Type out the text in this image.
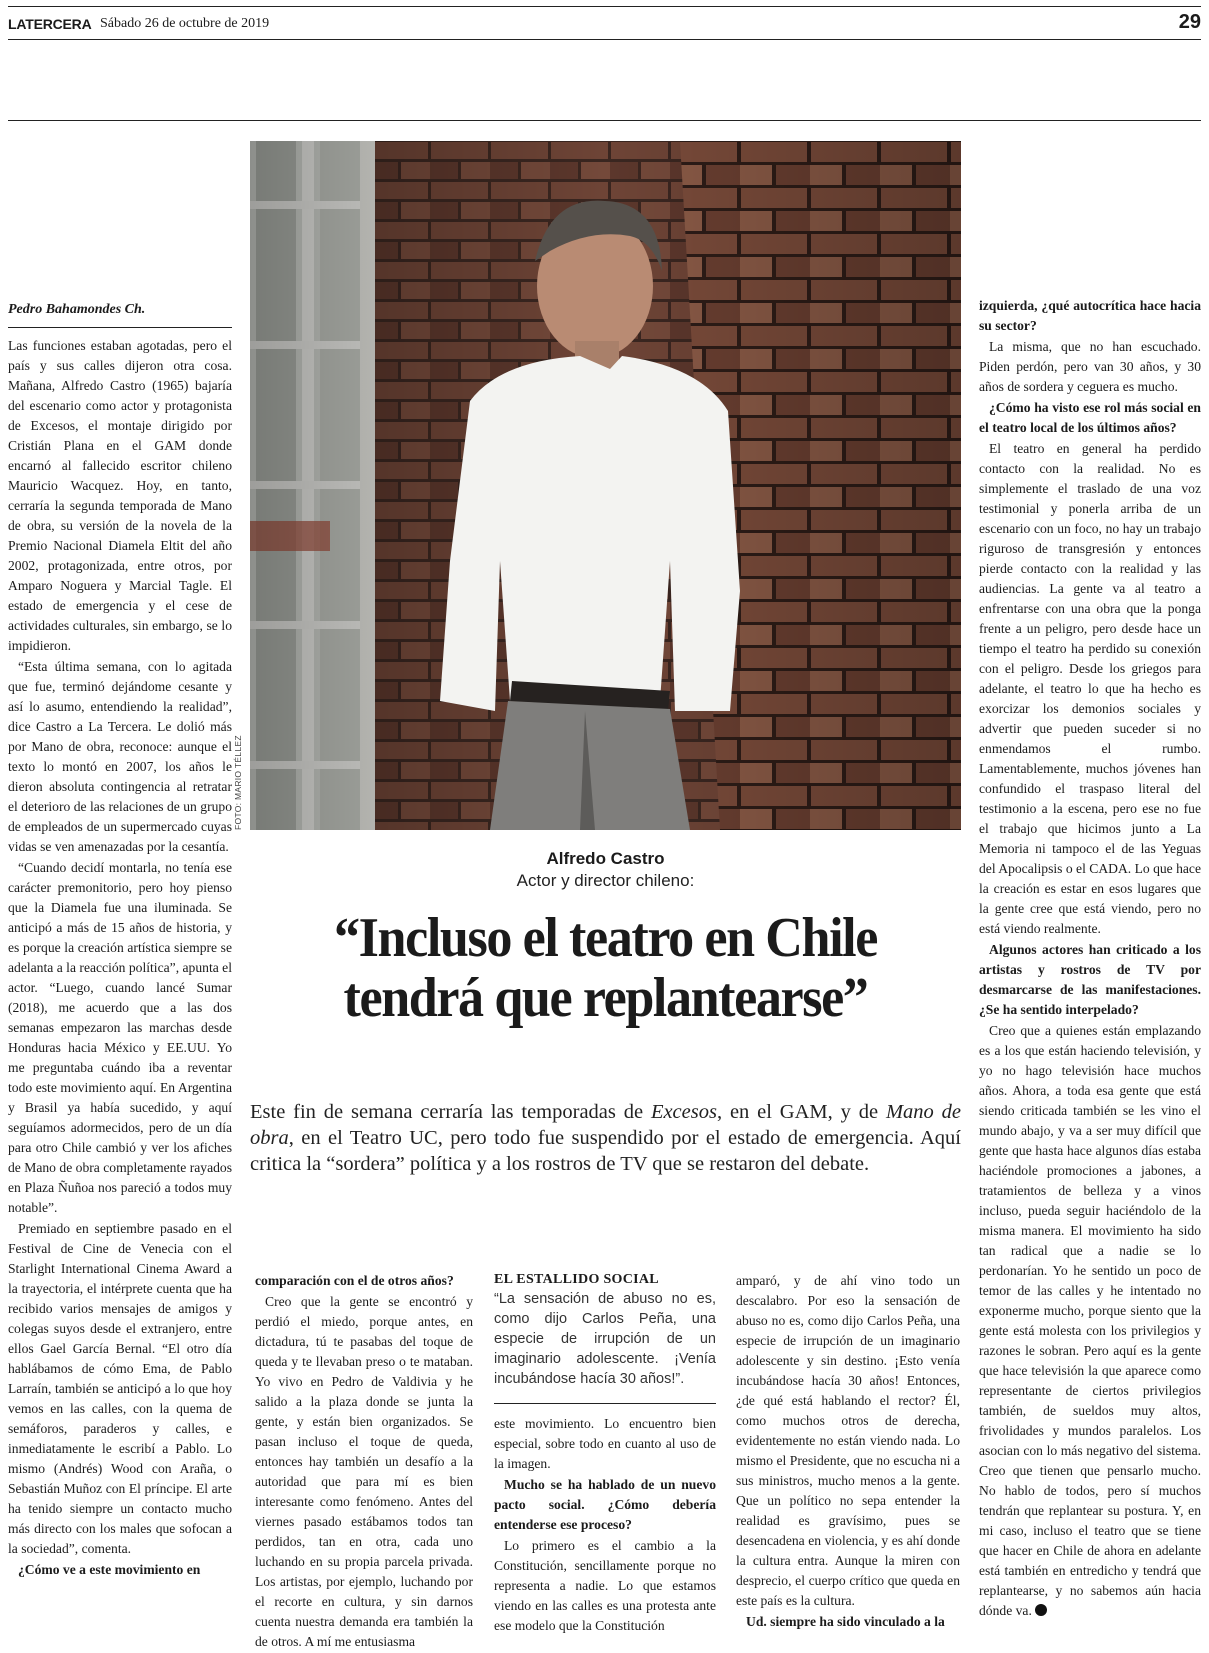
LATERCERA Sábado 26 de octubre de 2019	29
FOTO: MARIO TÉLLEZ
Alfredo Castro
Actor y director chileno:
“Incluso el teatro en Chile
tendrá que replantearse”
Este fin de semana cerraría las temporadas de Excesos, en el GAM, y de Mano de obra, en el Teatro UC, pero todo fue suspendido por el estado de emergencia. Aquí critica la “sordera” política y a los rostros de TV que se restaron del debate.
Pedro Bahamondes Ch.

Las funciones estaban agotadas, pero el país y sus calles dijeron otra cosa. Mañana, Alfredo Castro (1965) bajaría del escenario como actor y protagonista de Excesos, el montaje dirigido por Cristián Plana en el GAM donde encarnó al fallecido escritor chileno Mauricio Wacquez. Hoy, en tanto, cerraría la segunda temporada de Mano de obra, su versión de la novela de la Premio Nacional Diamela Eltit del año 2002, protagonizada, entre otros, por Amparo Noguera y Marcial Tagle. El estado de emergencia y el cese de actividades culturales, sin embargo, se lo impidieron.

“Esta última semana, con lo agitada que fue, terminó dejándome cesante y así lo asumo, entendiendo la realidad”, dice Castro a La Tercera. Le dolió más por Mano de obra, reconoce: aunque el texto lo montó en 2007, los años le dieron absoluta contingencia al retratar el deterioro de las relaciones de un grupo de empleados de un supermercado cuyas vidas se ven amenazadas por la cesantía.

“Cuando decidí montarla, no tenía ese carácter premonitorio, pero hoy pienso que la Diamela fue una iluminada. Se anticipó a más de 15 años de historia, y es porque la creación artística siempre se adelanta a la reacción política”, apunta el actor. “Luego, cuando lancé Sumar (2018), me acuerdo que a las dos semanas empezaron las marchas desde Honduras hacia México y EE.UU. Yo me preguntaba cuándo iba a reventar todo este movimiento aquí. En Argentina y Brasil ya había sucedido, y aquí seguíamos adormecidos, pero de un día para otro Chile cambió y ver los afiches de Mano de obra completamente rayados en Plaza Ñuñoa nos pareció a todos muy notable”.

Premiado en septiembre pasado en el Festival de Cine de Venecia con el Starlight International Cinema Award a la trayectoria, el intérprete cuenta que ha recibido varios mensajes de amigos y colegas suyos desde el extranjero, entre ellos Gael García Bernal. “El otro día hablábamos de cómo Ema, de Pablo Larraín, también se anticipó a lo que hoy vemos en las calles, con la quema de semáforos, paraderos y calles, e inmediatamente le escribí a Pablo. Lo mismo (Andrés) Wood con Araña, o Sebastián Muñoz con El príncipe. El arte ha tenido siempre un contacto mucho más directo con los males que sofocan a la sociedad”, comenta.

¿Cómo ve a este movimiento en

comparación con el de otros años?

Creo que la gente se encontró y perdió el miedo, porque antes, en dictadura, tú te pasabas del toque de queda y te llevaban preso o te mataban. Yo vivo en Pedro de Valdivia y he salido a la plaza donde se junta la gente, y están bien organizados. Se pasan incluso el toque de queda, entonces hay también un desafío a la autoridad que para mí es bien interesante como fenómeno. Antes del viernes pasado estábamos todos tan perdidos, tan en otra, cada uno luchando en su propia parcela privada. Los artistas, por ejemplo, luchando por el recorte en cultura, y sin darnos cuenta nuestra demanda era también la de otros. A mí me entusiasma

EL ESTALLIDO SOCIAL
“La sensación de abuso no es, como dijo Carlos Peña, una especie de irrupción de un imaginario adolescente. ¡Venía incubándose hacía 30 años!”.

este movimiento. Lo encuentro bien especial, sobre todo en cuanto al uso de la imagen.

Mucho se ha hablado de un nuevo pacto social. ¿Cómo debería entenderse ese proceso?

Lo primero es el cambio a la Constitución, sencillamente porque no representa a nadie. Lo que estamos viendo en las calles es una protesta ante ese modelo que la Constitución

amparó, y de ahí vino todo un descalabro. Por eso la sensación de abuso no es, como dijo Carlos Peña, una especie de irrupción de un imaginario adolescente y sin destino. ¡Esto venía incubándose hacía 30 años! Entonces, ¿de qué está hablando el rector? Él, como muchos otros de derecha, evidentemente no están viendo nada. Lo mismo el Presidente, que no escucha ni a sus ministros, mucho menos a la gente. Que un político no sepa entender la realidad es gravísimo, pues se desencadena en violencia, y es ahí donde la cultura entra. Aunque la miren con desprecio, el cuerpo crítico que queda en este país es la cultura.

Ud. siempre ha sido vinculado a la

izquierda, ¿qué autocrítica hace hacia su sector?

La misma, que no han escuchado. Piden perdón, pero van 30 años, y 30 años de sordera y ceguera es mucho.

¿Cómo ha visto ese rol más social en el teatro local de los últimos años?

El teatro en general ha perdido contacto con la realidad. No es simplemente el traslado de una voz testimonial y ponerla arriba de un escenario con un foco, no hay un trabajo riguroso de transgresión y entonces pierde contacto con la realidad y las audiencias. La gente va al teatro a enfrentarse con una obra que la ponga frente a un peligro, pero desde hace un tiempo el teatro ha perdido su conexión con el peligro. Desde los griegos para adelante, el teatro lo que ha hecho es exorcizar los demonios sociales y advertir que pueden suceder si no enmendamos el rumbo. Lamentablemente, muchos jóvenes han confundido el traspaso literal del testimonio a la escena, pero ese no fue el trabajo que hicimos junto a La Memoria ni tampoco el de las Yeguas del Apocalipsis o el CADA. Lo que hace la creación es estar en esos lugares que la gente cree que está viendo, pero no está viendo realmente.

Algunos actores han criticado a los artistas y rostros de TV por desmarcarse de las manifestaciones. ¿Se ha sentido interpelado?

Creo que a quienes están emplazando es a los que están haciendo televisión, y yo no hago televisión hace muchos años. Ahora, a toda esa gente que está siendo criticada también se les vino el mundo abajo, y va a ser muy difícil que gente que hasta hace algunos días estaba haciéndole promociones a jabones, a tratamientos de belleza y a vinos incluso, pueda seguir haciéndolo de la misma manera. El movimiento ha sido tan radical que a nadie se lo perdonarían. Yo he sentido un poco de temor de las calles y he intentado no exponerme mucho, porque siento que la gente está molesta con los privilegios y razones le sobran. Pero aquí es la gente que hace televisión la que aparece como representante de ciertos privilegios también, de sueldos muy altos, frivolidades y mundos paralelos. Los asocian con lo más negativo del sistema. Creo que tienen que pensarlo mucho. No hablo de todos, pero sí muchos tendrán que replantear su postura. Y, en mi caso, incluso el teatro que se tiene que hacer en Chile de ahora en adelante está también en entredicho y tendrá que replantearse, y no sabemos aún hacia dónde va.
